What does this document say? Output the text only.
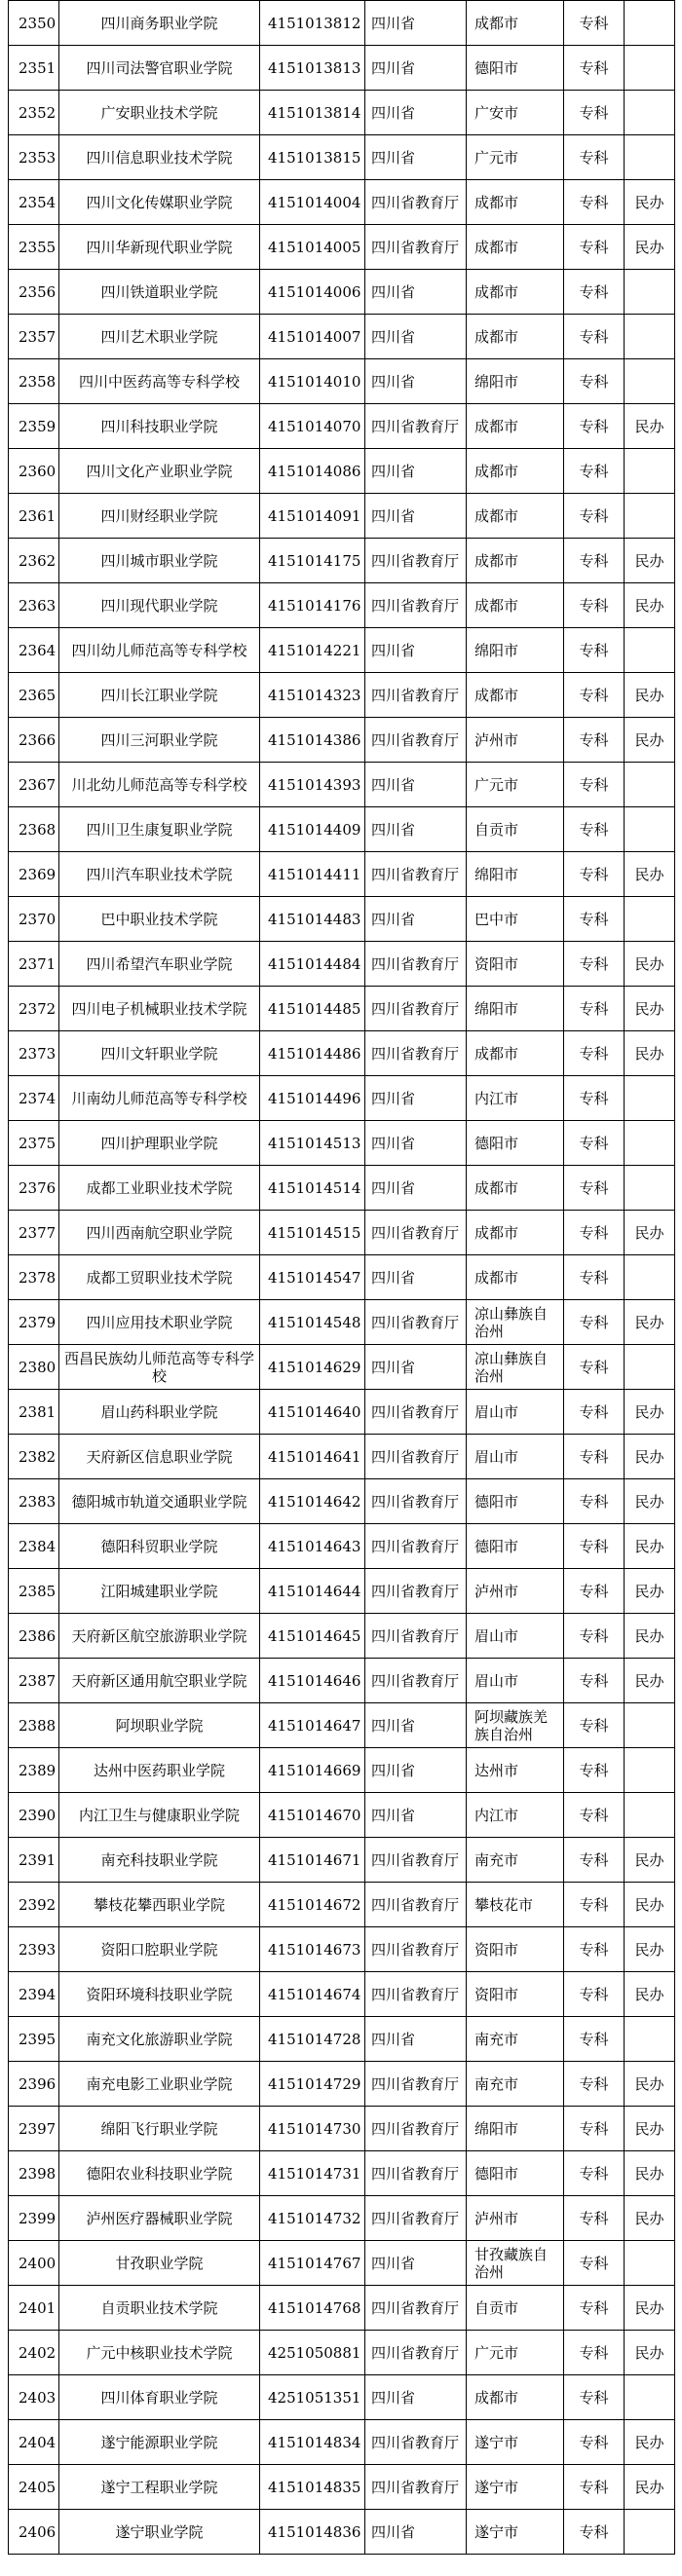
2350	四川商务职业学院	4151013812	四川省	成都市	专科	
2351	四川司法警官职业学院	4151013813	四川省	德阳市	专科	
2352	广安职业技术学院	4151013814	四川省	广安市	专科	
2353	四川信息职业技术学院	4151013815	四川省	广元市	专科	
2354	四川文化传媒职业学院	4151014004	四川省教育厅	成都市	专科	民办
2355	四川华新现代职业学院	4151014005	四川省教育厅	成都市	专科	民办
2356	四川铁道职业学院	4151014006	四川省	成都市	专科	
2357	四川艺术职业学院	4151014007	四川省	成都市	专科	
2358	四川中医药高等专科学校	4151014010	四川省	绵阳市	专科	
2359	四川科技职业学院	4151014070	四川省教育厅	成都市	专科	民办
2360	四川文化产业职业学院	4151014086	四川省	成都市	专科	
2361	四川财经职业学院	4151014091	四川省	成都市	专科	
2362	四川城市职业学院	4151014175	四川省教育厅	成都市	专科	民办
2363	四川现代职业学院	4151014176	四川省教育厅	成都市	专科	民办
2364	四川幼儿师范高等专科学校	4151014221	四川省	绵阳市	专科	
2365	四川长江职业学院	4151014323	四川省教育厅	成都市	专科	民办
2366	四川三河职业学院	4151014386	四川省教育厅	泸州市	专科	民办
2367	川北幼儿师范高等专科学校	4151014393	四川省	广元市	专科	
2368	四川卫生康复职业学院	4151014409	四川省	自贡市	专科	
2369	四川汽车职业技术学院	4151014411	四川省教育厅	绵阳市	专科	民办
2370	巴中职业技术学院	4151014483	四川省	巴中市	专科	
2371	四川希望汽车职业学院	4151014484	四川省教育厅	资阳市	专科	民办
2372	四川电子机械职业技术学院	4151014485	四川省教育厅	绵阳市	专科	民办
2373	四川文轩职业学院	4151014486	四川省教育厅	成都市	专科	民办
2374	川南幼儿师范高等专科学校	4151014496	四川省	内江市	专科	
2375	四川护理职业学院	4151014513	四川省	德阳市	专科	
2376	成都工业职业技术学院	4151014514	四川省	成都市	专科	
2377	四川西南航空职业学院	4151014515	四川省教育厅	成都市	专科	民办
2378	成都工贸职业技术学院	4151014547	四川省	成都市	专科	
2379	四川应用技术职业学院	4151014548	四川省教育厅	凉山彝族自治州	专科	民办
2380	西昌民族幼儿师范高等专科学校	4151014629	四川省	凉山彝族自治州	专科	
2381	眉山药科职业学院	4151014640	四川省教育厅	眉山市	专科	民办
2382	天府新区信息职业学院	4151014641	四川省教育厅	眉山市	专科	民办
2383	德阳城市轨道交通职业学院	4151014642	四川省教育厅	德阳市	专科	民办
2384	德阳科贸职业学院	4151014643	四川省教育厅	德阳市	专科	民办
2385	江阳城建职业学院	4151014644	四川省教育厅	泸州市	专科	民办
2386	天府新区航空旅游职业学院	4151014645	四川省教育厅	眉山市	专科	民办
2387	天府新区通用航空职业学院	4151014646	四川省教育厅	眉山市	专科	民办
2388	阿坝职业学院	4151014647	四川省	阿坝藏族羌族自治州	专科	
2389	达州中医药职业学院	4151014669	四川省	达州市	专科	
2390	内江卫生与健康职业学院	4151014670	四川省	内江市	专科	
2391	南充科技职业学院	4151014671	四川省教育厅	南充市	专科	民办
2392	攀枝花攀西职业学院	4151014672	四川省教育厅	攀枝花市	专科	民办
2393	资阳口腔职业学院	4151014673	四川省教育厅	资阳市	专科	民办
2394	资阳环境科技职业学院	4151014674	四川省教育厅	资阳市	专科	民办
2395	南充文化旅游职业学院	4151014728	四川省	南充市	专科	
2396	南充电影工业职业学院	4151014729	四川省教育厅	南充市	专科	民办
2397	绵阳飞行职业学院	4151014730	四川省教育厅	绵阳市	专科	民办
2398	德阳农业科技职业学院	4151014731	四川省教育厅	德阳市	专科	民办
2399	泸州医疗器械职业学院	4151014732	四川省教育厅	泸州市	专科	民办
2400	甘孜职业学院	4151014767	四川省	甘孜藏族自治州	专科	
2401	自贡职业技术学院	4151014768	四川省教育厅	自贡市	专科	民办
2402	广元中核职业技术学院	4251050881	四川省教育厅	广元市	专科	民办
2403	四川体育职业学院	4251051351	四川省	成都市	专科	
2404	遂宁能源职业学院	4151014834	四川省教育厅	遂宁市	专科	民办
2405	遂宁工程职业学院	4151014835	四川省教育厅	遂宁市	专科	民办
2406	遂宁职业学院	4151014836	四川省	遂宁市	专科	
